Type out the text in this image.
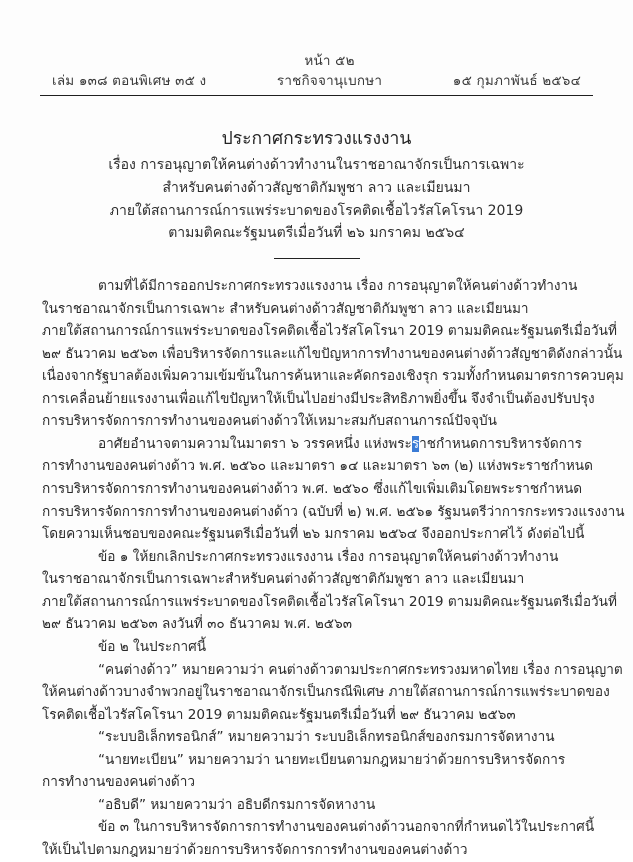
เล่ม ๑๓๘ ตอนพิเศษ ๓๕ ง
หน้า ๕๒
ราชกิจจานุเบกษา	๑๕ กุมภาพันธ์ ๒๕๖๔
ประกาศกระทรวงแรงงาน
เรื่อง การอนุญาตให้คนต่างด้าวทำงานในราชอาณาจักรเป็นการเฉพาะ
สำหรับคนต่างด้าวสัญชาติกัมพูชา ลาว และเมียนมา
ภายใต้สถานการณ์การแพร่ระบาดของโรคติดเชื้อไวรัสโคโรนา 2019
ตามมติคณะรัฐมนตรีเมื่อวันที่ ๒๖ มกราคม ๒๕๖๔

ตามที่ได้มีการออกประกาศกระทรวงแรงงาน เรื่อง การอนุญาตให้คนต่างด้าวทำงาน
ในราชอาณาจักรเป็นการเฉพาะ สำหรับคนต่างด้าวสัญชาติกัมพูชา ลาว และเมียนมา
ภายใต้สถานการณ์การแพร่ระบาดของโรคติดเชื้อไวรัสโคโรนา 2019 ตามมติคณะรัฐมนตรีเมื่อวันที่
๒๙ ธันวาคม ๒๕๖๓ เพื่อบริหารจัดการและแก้ไขปัญหาการทำงานของคนต่างด้าวสัญชาติดังกล่าวนั้น
เนื่องจากรัฐบาลต้องเพิ่มความเข้มข้นในการค้นหาและคัดกรองเชิงรุก รวมทั้งกำหนดมาตรการควบคุม
การเคลื่อนย้ายแรงงานเพื่อแก้ไขปัญหาให้เป็นไปอย่างมีประสิทธิภาพยิ่งขึ้น จึงจำเป็นต้องปรับปรุง
การบริหารจัดการการทำงานของคนต่างด้าวให้เหมาะสมกับสถานการณ์ปัจจุบัน

อาศัยอำนาจตามความในมาตรา ๖ วรรคหนึ่ง แห่งพระราชกำหนดการบริหารจัดการ
การทำงานของคนต่างด้าว พ.ศ. ๒๕๖๐ และมาตรา ๑๔ และมาตรา ๖๓ (๒) แห่งพระราชกำหนด
การบริหารจัดการการทำงานของคนต่างด้าว พ.ศ. ๒๕๖๐ ซึ่งแก้ไขเพิ่มเติมโดยพระราชกำหนด
การบริหารจัดการการทำงานของคนต่างด้าว (ฉบับที่ ๒) พ.ศ. ๒๕๖๑ รัฐมนตรีว่าการกระทรวงแรงงาน
โดยความเห็นชอบของคณะรัฐมนตรีเมื่อวันที่ ๒๖ มกราคม ๒๕๖๔ จึงออกประกาศไว้ ดังต่อไปนี้

ข้อ ๑ ให้ยกเลิกประกาศกระทรวงแรงงาน เรื่อง การอนุญาตให้คนต่างด้าวทำงาน
ในราชอาณาจักรเป็นการเฉพาะสำหรับคนต่างด้าวสัญชาติกัมพูชา ลาว และเมียนมา
ภายใต้สถานการณ์การแพร่ระบาดของโรคติดเชื้อไวรัสโคโรนา 2019 ตามมติคณะรัฐมนตรีเมื่อวันที่
๒๙ ธันวาคม ๒๕๖๓ ลงวันที่ ๓๐ ธันวาคม พ.ศ. ๒๕๖๓

ข้อ ๒ ในประกาศนี้
“คนต่างด้าว” หมายความว่า คนต่างด้าวตามประกาศกระทรวงมหาดไทย เรื่อง การอนุญาต
ให้คนต่างด้าวบางจำพวกอยู่ในราชอาณาจักรเป็นกรณีพิเศษ ภายใต้สถานการณ์การแพร่ระบาดของ
โรคติดเชื้อไวรัสโคโรนา 2019 ตามมติคณะรัฐมนตรีเมื่อวันที่ ๒๙ ธันวาคม ๒๕๖๓
“ระบบอิเล็กทรอนิกส์” หมายความว่า ระบบอิเล็กทรอนิกส์ของกรมการจัดหางาน
“นายทะเบียน” หมายความว่า นายทะเบียนตามกฎหมายว่าด้วยการบริหารจัดการ
การทำงานของคนต่างด้าว
“อธิบดี” หมายความว่า อธิบดีกรมการจัดหางาน

ข้อ ๓ ในการบริหารจัดการการทำงานของคนต่างด้าวนอกจากที่กำหนดไว้ในประกาศนี้
ให้เป็นไปตามกฎหมายว่าด้วยการบริหารจัดการการทำงานของคนต่างด้าว
